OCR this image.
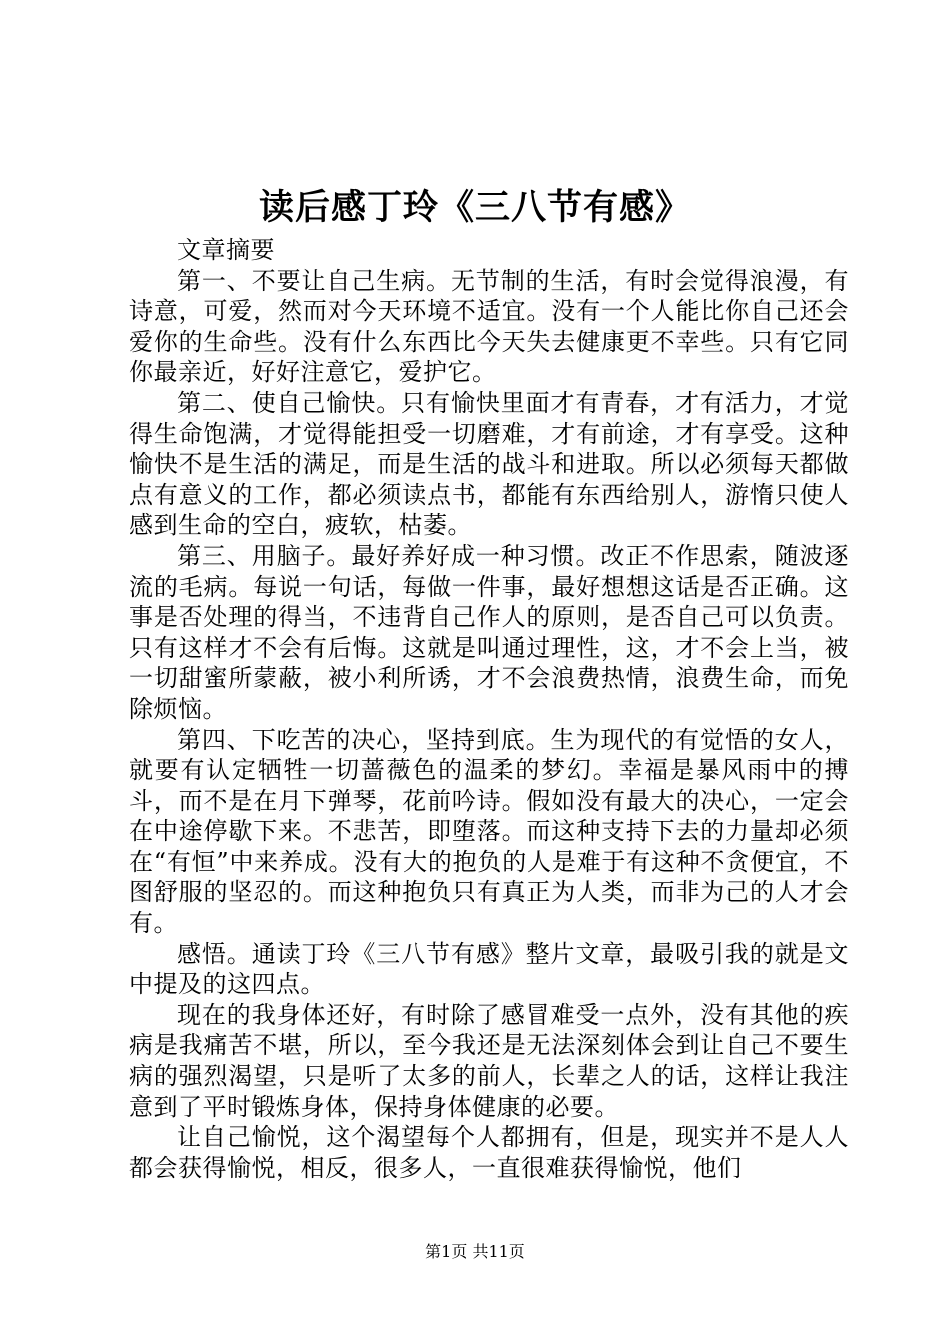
读后感丁玲《三八节有感》

文章摘要

第一、不要让自己生病。无节制的生活，有时会觉得浪漫，有诗意，可爱，然而对今天环境不适宜。没有一个人能比你自己还会爱你的生命些。没有什么东西比今天失去健康更不幸些。只有它同你最亲近，好好注意它，爱护它。

第二、使自己愉快。只有愉快里面才有青春，才有活力，才觉得生命饱满，才觉得能担受一切磨难，才有前途，才有享受。这种愉快不是生活的满足，而是生活的战斗和进取。所以必须每天都做点有意义的工作，都必须读点书，都能有东西给别人，游惰只使人感到生命的空白，疲软，枯萎。

第三、用脑子。最好养好成一种习惯。改正不作思索，随波逐流的毛病。每说一句话，每做一件事，最好想想这话是否正确。这事是否处理的得当，不违背自己作人的原则，是否自己可以负责。只有这样才不会有后悔。这就是叫通过理性，这，才不会上当，被一切甜蜜所蒙蔽，被小利所诱，才不会浪费热情，浪费生命，而免除烦恼。

第四、下吃苦的决心，坚持到底。生为现代的有觉悟的女人，就要有认定牺牲一切蔷薇色的温柔的梦幻。幸福是暴风雨中的搏斗，而不是在月下弹琴，花前吟诗。假如没有最大的决心，一定会在中途停歇下来。不悲苦，即堕落。而这种支持下去的力量却必须在“有恒”中来养成。没有大的抱负的人是难于有这种不贪便宜，不图舒服的坚忍的。而这种抱负只有真正为人类，而非为己的人才会有。

感悟。通读丁玲《三八节有感》整片文章，最吸引我的就是文中提及的这四点。

现在的我身体还好，有时除了感冒难受一点外，没有其他的疾病是我痛苦不堪，所以，至今我还是无法深刻体会到让自己不要生病的强烈渴望，只是听了太多的前人，长辈之人的话，这样让我注意到了平时锻炼身体，保持身体健康的必要。

让自己愉悦，这个渴望每个人都拥有，但是，现实并不是人人都会获得愉悦，相反，很多人，一直很难获得愉悦，他们

第1页 共11页
